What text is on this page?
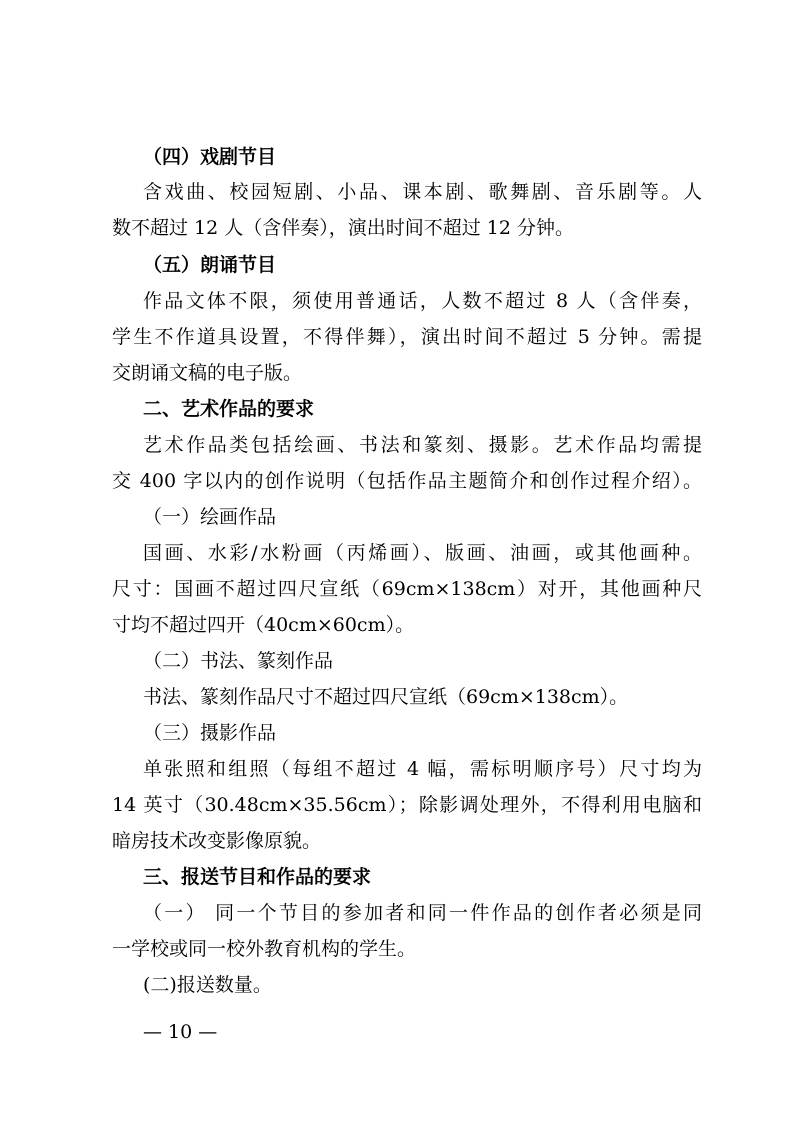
（四）戏剧节目
含戏曲、校园短剧、小品、课本剧、歌舞剧、音乐剧等。人
数不超过 12 人（含伴奏），演出时间不超过 12 分钟。
（五）朗诵节目
作品文体不限，须使用普通话，人数不超过 8 人（含伴奏，
学生不作道具设置，不得伴舞），演出时间不超过 5 分钟。需提
交朗诵文稿的电子版。
二、艺术作品的要求
艺术作品类包括绘画、书法和篆刻、摄影。艺术作品均需提
交 400 字以内的创作说明（包括作品主题简介和创作过程介绍）。
（一）绘画作品
国画、水彩/水粉画（丙烯画）、版画、油画，或其他画种。
尺寸：国画不超过四尺宣纸（69cm×138cm）对开，其他画种尺
寸均不超过四开（40cm×60cm）。
（二）书法、篆刻作品
书法、篆刻作品尺寸不超过四尺宣纸（69cm×138cm）。
（三）摄影作品
单张照和组照（每组不超过 4 幅，需标明顺序号）尺寸均为
14 英寸（30.48cm×35.56cm）；除影调处理外，不得利用电脑和
暗房技术改变影像原貌。
三、报送节目和作品的要求
（一） 同一个节目的参加者和同一件作品的创作者必须是同
一学校或同一校外教育机构的学生。
(二)报送数量。
— 10 —
